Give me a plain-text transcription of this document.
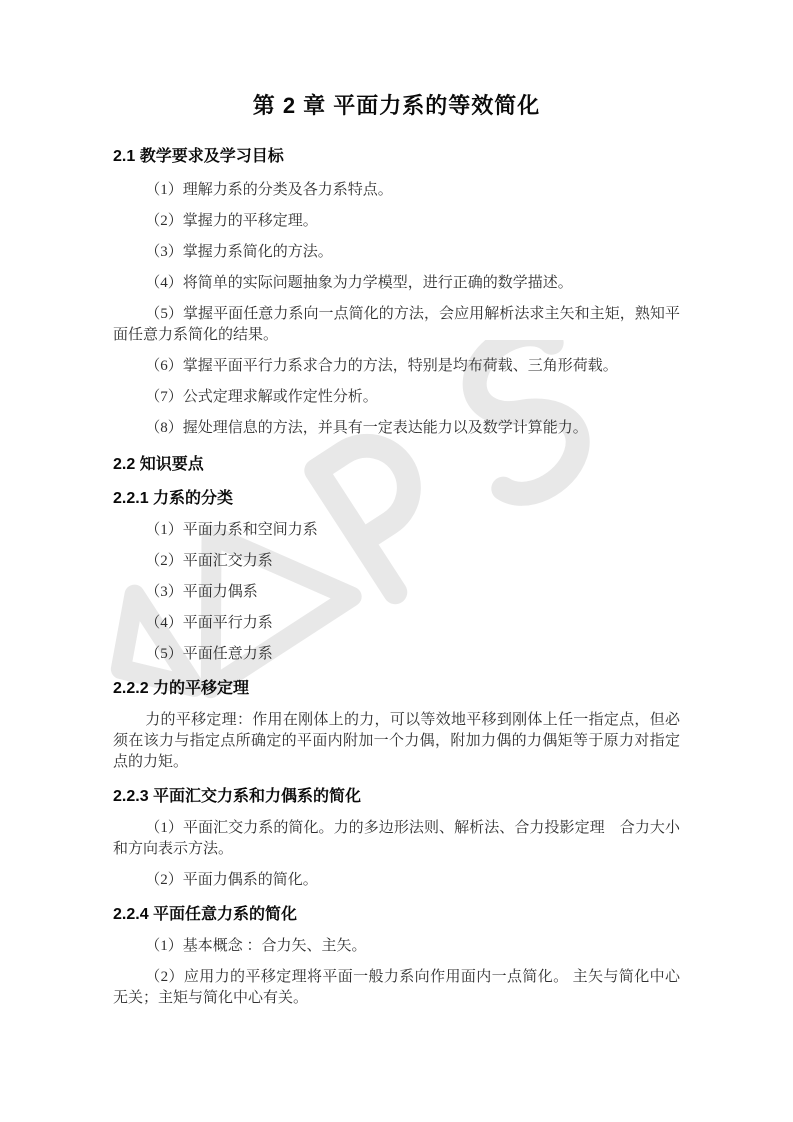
第 2 章 平面力系的等效简化
2.1 教学要求及学习目标

（1）理解力系的分类及各力系特点。

（2）掌握力的平移定理。

（3）掌握力系简化的方法。

（4）将简单的实际问题抽象为力学模型，进行正确的数学描述。

（5）掌握平面任意力系向一点简化的方法，会应用解析法求主矢和主矩，熟知平面任意力系简化的结果。

（6）掌握平面平行力系求合力的方法，特别是均布荷载、三角形荷载。

（7）公式定理求解或作定性分析。

（8）握处理信息的方法，并具有一定表达能力以及数学计算能力。

2.2 知识要点
2.2.1 力系的分类

（1）平面力系和空间力系

（2）平面汇交力系

（3）平面力偶系

（4）平面平行力系

（5）平面任意力系

2.2.2 力的平移定理

力的平移定理：作用在刚体上的力，可以等效地平移到刚体上任一指定点，但必须在该力与指定点所确定的平面内附加一个力偶，附加力偶的力偶矩等于原力对指定点的力矩。

2.2.3 平面汇交力系和力偶系的简化

（1）平面汇交力系的简化。力的多边形法则、解析法、合力投影定理　合力大小和方向表示方法。

（2）平面力偶系的简化。

2.2.4 平面任意力系的简化

（1）基本概念 ：合力矢、主矢。

（2）应用力的平移定理将平面一般力系向作用面内一点简化。 主矢与简化中心无关；主矩与简化中心有关。
